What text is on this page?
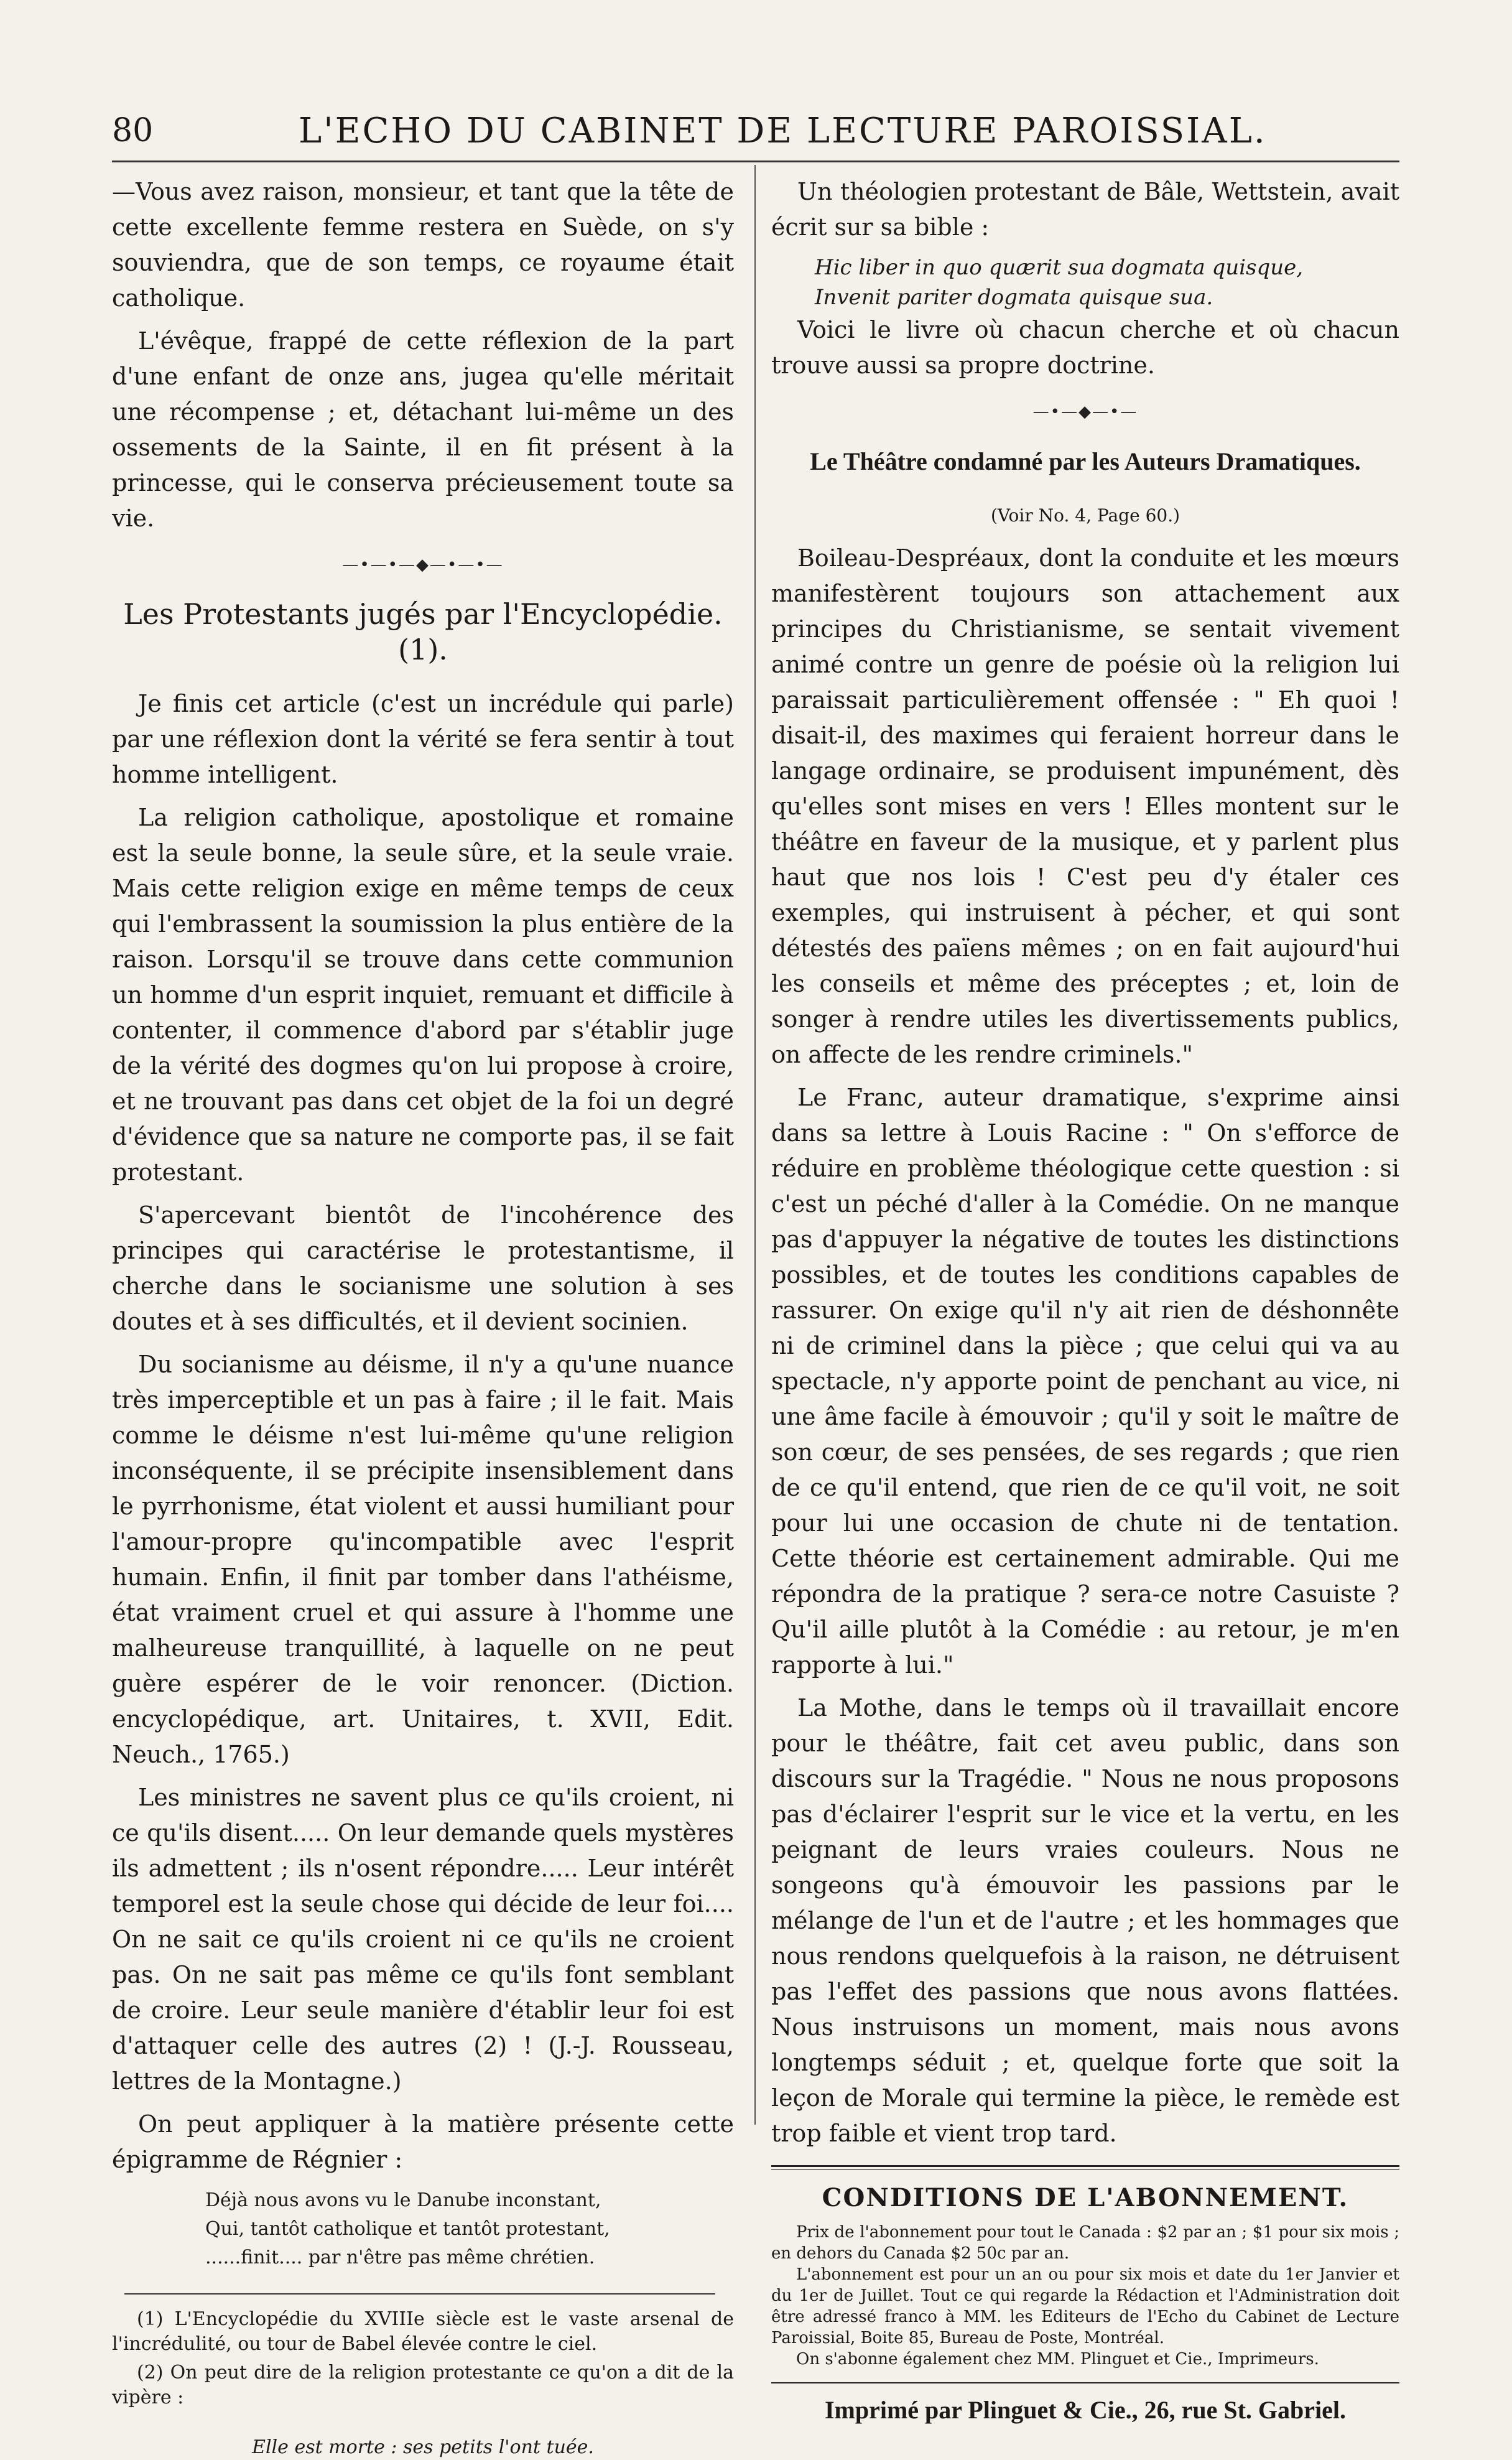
80	L'ECHO DU CABINET DE LECTURE PAROISSIAL.

—Vous avez raison, monsieur, et tant que la tête de cette excellente femme restera en Suède, on s'y souviendra, que de son temps, ce royaume était catholique.

L'évêque, frappé de cette réflexion de la part d'une enfant de onze ans, jugea qu'elle méritait une récompense ; et, détachant lui-même un des ossements de la Sainte, il en fit présent à la princesse, qui le conserva précieusement toute sa vie.

—•—•—◆—•—•—
Les Protestants jugés par l'Encyclopédie. (1).

Je finis cet article (c'est un incrédule qui parle) par une réflexion dont la vérité se fera sentir à tout homme intelligent.

La religion catholique, apostolique et romaine est la seule bonne, la seule sûre, et la seule vraie. Mais cette religion exige en même temps de ceux qui l'embrassent la soumission la plus entière de la raison. Lorsqu'il se trouve dans cette communion un homme d'un esprit inquiet, remuant et difficile à contenter, il commence d'abord par s'établir juge de la vérité des dogmes qu'on lui propose à croire, et ne trouvant pas dans cet objet de la foi un degré d'évidence que sa nature ne comporte pas, il se fait protestant.

S'apercevant bientôt de l'incohérence des principes qui caractérise le protestantisme, il cherche dans le socianisme une solution à ses doutes et à ses difficultés, et il devient socinien.

Du socianisme au déisme, il n'y a qu'une nuance très imperceptible et un pas à faire ; il le fait. Mais comme le déisme n'est lui-même qu'une religion inconséquente, il se précipite insensiblement dans le pyrrhonisme, état violent et aussi humiliant pour l'amour-propre qu'incompatible avec l'esprit humain. Enfin, il finit par tomber dans l'athéisme, état vraiment cruel et qui assure à l'homme une malheureuse tranquillité, à laquelle on ne peut guère espérer de le voir renoncer. (Diction. encyclopédique, art. Unitaires, t. XVII, Edit. Neuch., 1765.)

Les ministres ne savent plus ce qu'ils croient, ni ce qu'ils disent..... On leur demande quels mystères ils admettent ; ils n'osent répondre..... Leur intérêt temporel est la seule chose qui décide de leur foi.... On ne sait ce qu'ils croient ni ce qu'ils ne croient pas. On ne sait pas même ce qu'ils font semblant de croire. Leur seule manière d'établir leur foi est d'attaquer celle des autres (2) ! (J.-J. Rousseau, lettres de la Montagne.)

On peut appliquer à la matière présente cette épigramme de Régnier :

Déjà nous avons vu le Danube inconstant,
Qui, tantôt catholique et tantôt protestant,
......finit.... par n'être pas même chrétien.

(1) L'Encyclopédie du XVIIIe siècle est le vaste arsenal de l'incrédulité, ou tour de Babel élevée contre le ciel.

(2) On peut dire de la religion protestante ce qu'on a dit de la vipère :

Elle est morte : ses petits l'ont tuée.

Un théologien protestant de Bâle, Wettstein, avait écrit sur sa bible :

Hic liber in quo quærit sua dogmata quisque,
Invenit pariter dogmata quisque sua.

Voici le livre où chacun cherche et où chacun trouve aussi sa propre doctrine.

—•—◆—•—
Le Théâtre condamné par les Auteurs Dramatiques.
(Voir No. 4, Page 60.)

Boileau-Despréaux, dont la conduite et les mœurs manifestèrent toujours son attachement aux principes du Christianisme, se sentait vivement animé contre un genre de poésie où la religion lui paraissait particulièrement offensée : " Eh quoi ! disait-il, des maximes qui feraient horreur dans le langage ordinaire, se produisent impunément, dès qu'elles sont mises en vers ! Elles montent sur le théâtre en faveur de la musique, et y parlent plus haut que nos lois ! C'est peu d'y étaler ces exemples, qui instruisent à pécher, et qui sont détestés des païens mêmes ; on en fait aujourd'hui les conseils et même des préceptes ; et, loin de songer à rendre utiles les divertissements publics, on affecte de les rendre criminels."

Le Franc, auteur dramatique, s'exprime ainsi dans sa lettre à Louis Racine : " On s'efforce de réduire en problème théologique cette question : si c'est un péché d'aller à la Comédie. On ne manque pas d'appuyer la négative de toutes les distinctions possibles, et de toutes les conditions capables de rassurer. On exige qu'il n'y ait rien de déshonnête ni de criminel dans la pièce ; que celui qui va au spectacle, n'y apporte point de penchant au vice, ni une âme facile à émouvoir ; qu'il y soit le maître de son cœur, de ses pensées, de ses regards ; que rien de ce qu'il entend, que rien de ce qu'il voit, ne soit pour lui une occasion de chute ni de tentation. Cette théorie est certainement admirable. Qui me répondra de la pratique ? sera-ce notre Casuiste ? Qu'il aille plutôt à la Comédie : au retour, je m'en rapporte à lui."

La Mothe, dans le temps où il travaillait encore pour le théâtre, fait cet aveu public, dans son discours sur la Tragédie. " Nous ne nous proposons pas d'éclairer l'esprit sur le vice et la vertu, en les peignant de leurs vraies couleurs. Nous ne songeons qu'à émouvoir les passions par le mélange de l'un et de l'autre ; et les hommages que nous rendons quelquefois à la raison, ne détruisent pas l'effet des passions que nous avons flattées. Nous instruisons un moment, mais nous avons longtemps séduit ; et, quelque forte que soit la leçon de Morale qui termine la pièce, le remède est trop faible et vient trop tard.

CONDITIONS DE L'ABONNEMENT.

Prix de l'abonnement pour tout le Canada : $2 par an ; $1 pour six mois ; en dehors du Canada $2 50c par an.

L'abonnement est pour un an ou pour six mois et date du 1er Janvier et du 1er de Juillet. Tout ce qui regarde la Rédaction et l'Administration doit être adressé franco à MM. les Editeurs de l'Echo du Cabinet de Lecture Paroissial, Boite 85, Bureau de Poste, Montréal.

On s'abonne également chez MM. Plinguet et Cie., Imprimeurs.

Imprimé par Plinguet & Cie., 26, rue St. Gabriel.
